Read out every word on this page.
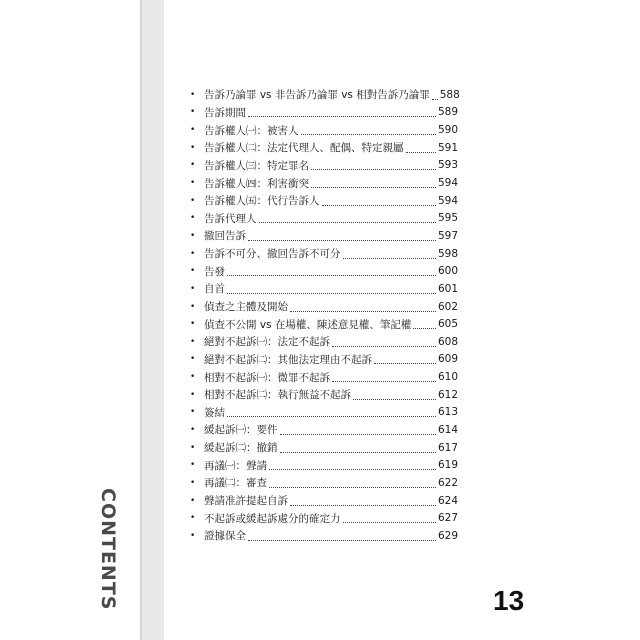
CONTENTS
• 告訴乃論罪 vs 非告訴乃論罪 vs 相對告訴乃論罪 588
• 告訴期間	589
• 告訴權人㈠：被害人	590
• 告訴權人㈡：法定代理人、配偶、特定親屬	591
• 告訴權人㈢：特定罪名	593
• 告訴權人㈣：利害衝突	594
• 告訴權人㈤：代行告訴人	594
• 告訴代理人	595
• 撤回告訴	597
• 告訴不可分、撤回告訴不可分	598
• 告發	600
• 自首	601
• 偵查之主體及開始	602
• 偵查不公開 vs 在場權、陳述意見權、筆記權	605
• 絕對不起訴㈠：法定不起訴	608
• 絕對不起訴㈡：其他法定理由不起訴	609
• 相對不起訴㈠：微罪不起訴	610
• 相對不起訴㈡：執行無益不起訴	612
• 簽結	613
• 緩起訴㈠：要件	614
• 緩起訴㈡：撤銷	617
• 再議㈠：聲請	619
• 再議㈡：審查	622
• 聲請准許提起自訴	624
• 不起訴或緩起訴處分的確定力	627
• 證據保全	629
13
